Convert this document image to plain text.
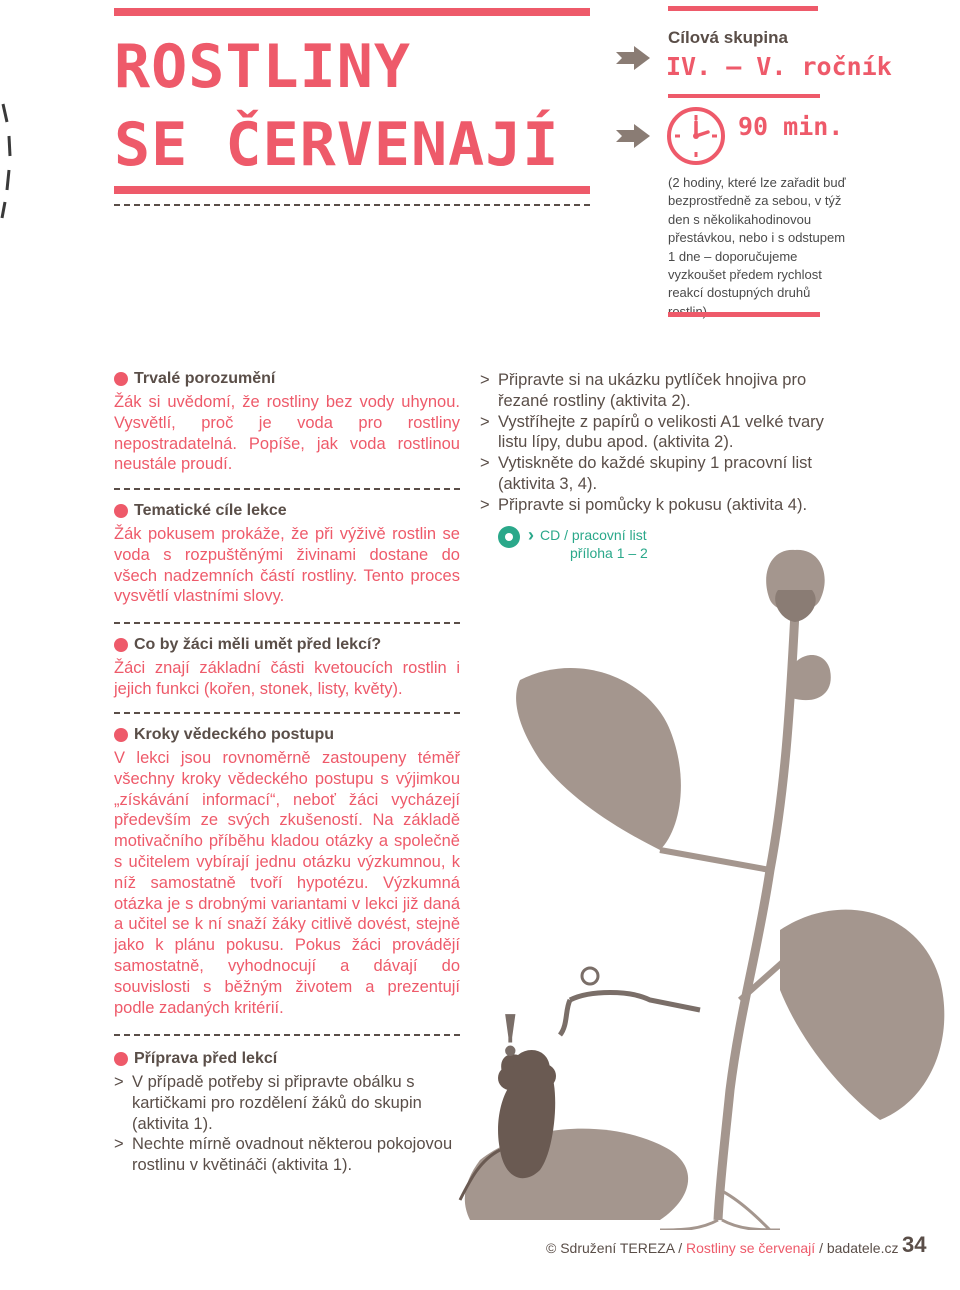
ROSTLINY
SE ČERVENAJÍ
Cílová skupina
IV. – V. ročník
90 min.
(2 hodiny, které lze zařadit buď bezprostředně za sebou, v týž den s několikahodinovou přestávkou, nebo i s odstupem 1 dne – doporučujeme vyzkoušet předem rychlost reakcí dostupných druhů
Trvalé porozumění
Žák si uvědomí, že rostliny bez vody uhynou. Vysvětlí, proč je voda pro rostliny nepostradatelná. Popíše, jak voda rostlinou neustále proudí.
Tematické cíle lekce
Žák pokusem prokáže, že při výživě rostlin se voda s rozpuštěnými živinami dostane do všech nadzemních částí rostliny. Tento proces vysvětlí vlastními slovy.
Co by žáci měli umět před lekcí?
Žáci znají základní části kvetoucích rostlin i jejich funkci (kořen, stonek, listy, květy).
Kroky vědeckého postupu
V lekci jsou rovnoměrně zastoupeny téměř všechny kroky vědeckého postupu s výjimkou „získávání informací“, neboť žáci vycházejí především ze svých zkušeností. Na základě motivačního příběhu kladou otázky a společně s učitelem vybírají jednu otázku výzkumnou, k níž samostatně tvoří hypotézu. Výzkumná otázka je s drobnými variantami v lekci již daná a učitel se k ní snaží žáky citlivě dovést, stejně jako k plánu pokusu. Pokus žáci provádějí samostatně, vyhodnocují a dávají do souvislosti s běžným životem a prezentují podle zadaných kritérií.
Příprava před lekcí
> V případě potřeby si připravte obálku s kartičkami pro rozdělení žáků do skupin (aktivita 1).
> Nechte mírně ovadnout některou pokojovou rostlinu v květináči (aktivita 1).
> Připravte si na ukázku pytlíček hnojiva pro řezané rostliny (aktivita 2).
> Vystříhejte z papírů o velikosti A1 velké tvary listu lípy, dubu apod. (aktivita 2).
> Vytiskněte do každé skupiny 1 pracovní list (aktivita 3, 4).
> Připravte si pomůcky k pokusu (aktivita 4).
› CD / pracovní list
příloha 1 – 2
!
© Sdružení TEREZA / Rostliny se červenají / badatele.cz 34
